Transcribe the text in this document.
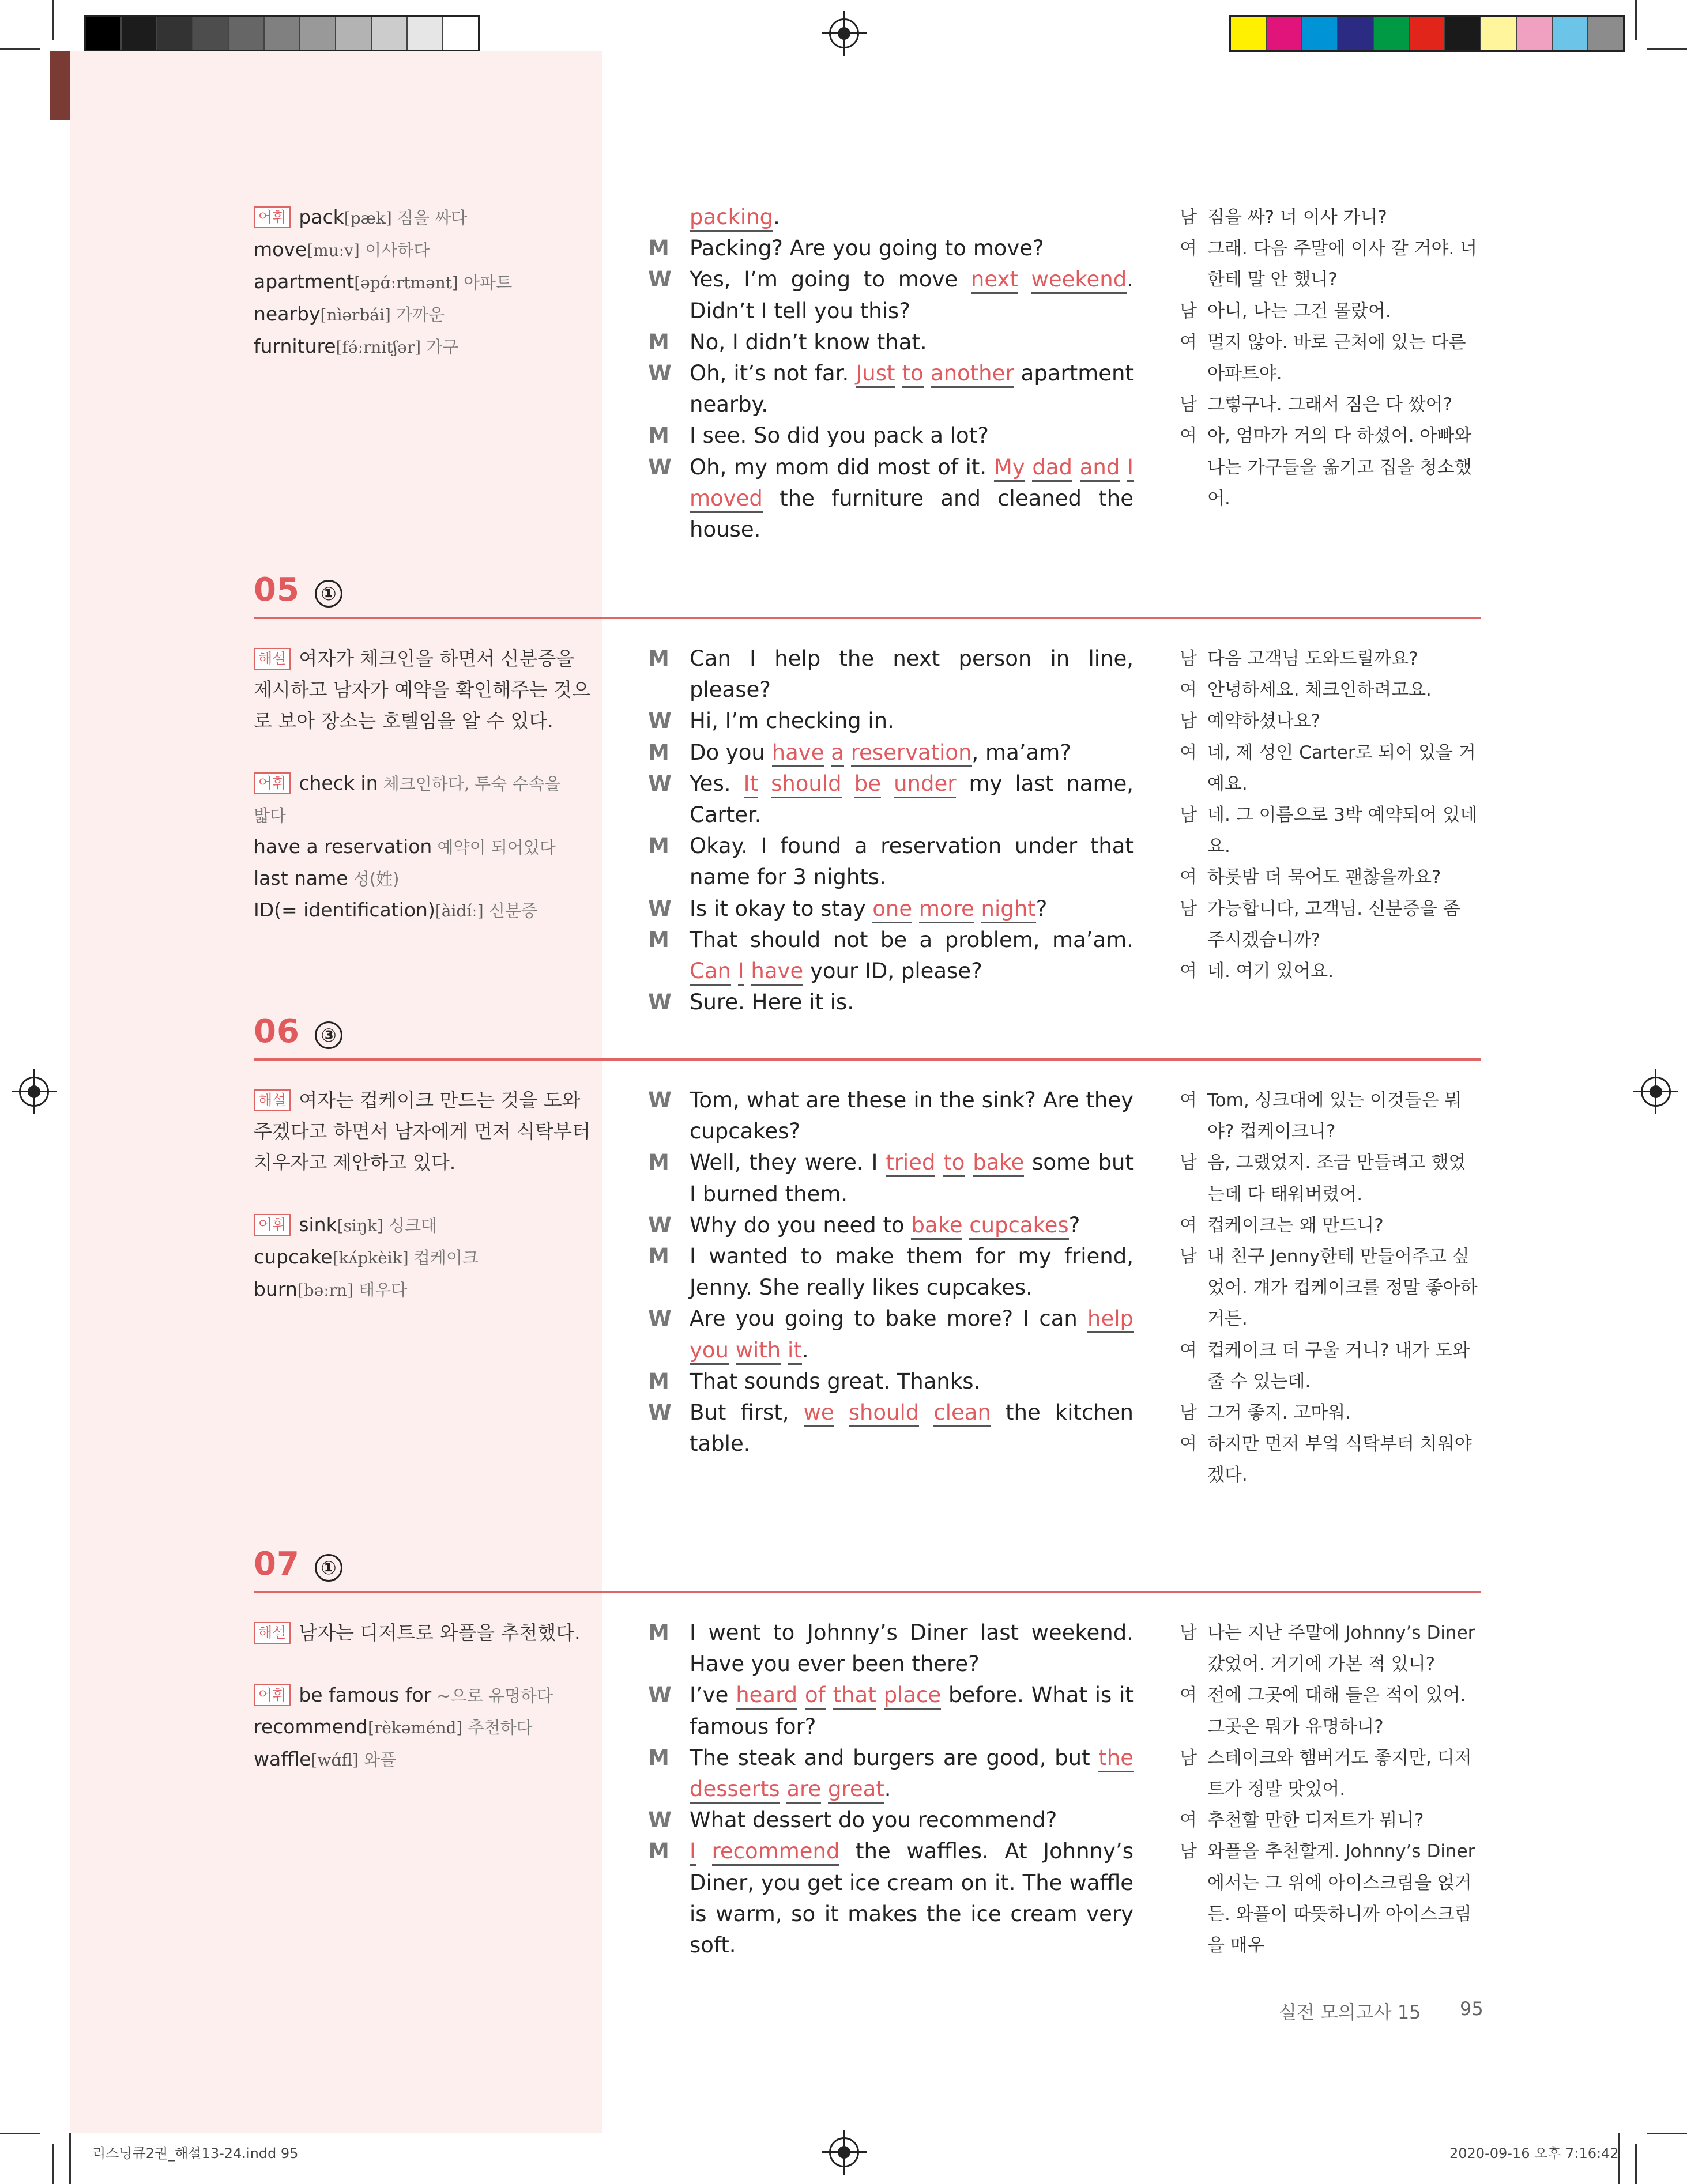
어휘 pack[pæk] 짐을 싸다
move[muːv] 이사하다
apartment[əpɑ́ːrtmənt] 아파트
nearby[nìərbái] 가까운
furniture[fə́ːrnitʃər] 가구
packing.
M Packing? Are you going to move?
W Yes, I’m going to move next weekend. Didn’t I tell you this?
M No, I didn’t know that.
W Oh, it’s not far. Just to another apartment nearby.
M I see. So did you pack a lot?
W Oh, my mom did most of it. My dad and I moved the furniture and cleaned the house.
남 짐을 싸? 너 이사 가니?
여 그래. 다음 주말에 이사 갈 거야. 너한테 말 안 했니?
남 아니, 나는 그건 몰랐어.
여 멀지 않아. 바로 근처에 있는 다른 아파트야.
남 그렇구나. 그래서 짐은 다 쌌어?
여 아, 엄마가 거의 다 하셨어. 아빠와 나는 가구들을 옮기고 집을 청소했어.
05	①
해설 여자가 체크인을 하면서 신분증을
제시하고 남자가 예약을 확인해주는 것으
로 보아 장소는 호텔임을 알 수 있다.
어휘 check in 체크인하다, 투숙 수속을
밟다
have a reservation 예약이 되어있다
last name 성(姓)
ID(= identification)[àidíː] 신분증
M Can I help the next person in line, please?
W Hi, I’m checking in.
M Do you have a reservation, ma’am?
W Yes. It should be under my last name, Carter.
M Okay. I found a reservation under that name for 3 nights.
W Is it okay to stay one more night?
M That should not be a problem, ma’am. Can I have your ID, please?
W Sure. Here it is.
남 다음 고객님 도와드릴까요?
여 안녕하세요. 체크인하려고요.
남 예약하셨나요?
여 네, 제 성인 Carter로 되어 있을 거예요.
남 네. 그 이름으로 3박 예약되어 있네요.
여 하룻밤 더 묵어도 괜찮을까요?
남 가능합니다, 고객님. 신분증을 좀 주시겠습니까?
여 네. 여기 있어요.
06	③
해설 여자는 컵케이크 만드는 것을 도와
주겠다고 하면서 남자에게 먼저 식탁부터
치우자고 제안하고 있다.
어휘 sink[siŋk] 싱크대
cupcake[kʌ́pkèik] 컵케이크
burn[bəːrn] 태우다
W Tom, what are these in the sink? Are they cupcakes?
M Well, they were. I tried to bake some but I burned them.
W Why do you need to bake cupcakes?
M I wanted to make them for my friend, Jenny. She really likes cupcakes.
W Are you going to bake more? I can help you with it.
M That sounds great. Thanks.
W But first, we should clean the kitchen table.
여 Tom, 싱크대에 있는 이것들은 뭐야? 컵케이크니?
남 음, 그랬었지. 조금 만들려고 했었는데 다 태워버렸어.
여 컵케이크는 왜 만드니?
남 내 친구 Jenny한테 만들어주고 싶었어. 걔가 컵케이크를 정말 좋아하거든.
여 컵케이크 더 구울 거니? 내가 도와줄 수 있는데.
남 그거 좋지. 고마워.
여 하지만 먼저 부엌 식탁부터 치워야겠다.
07	①
해설 남자는 디저트로 와플을 추천했다.
어휘 be famous for ~으로 유명하다
recommend[rèkəménd] 추천하다
waffle[wɑ́fl] 와플
M I went to Johnny’s Diner last weekend. Have you ever been there?
W I’ve heard of that place before. What is it famous for?
M The steak and burgers are good, but the desserts are great.
W What dessert do you recommend?
M I recommend the waffles. At Johnny’s Diner, you get ice cream on it. The waffle is warm, so it makes the ice cream very soft.
남 나는 지난 주말에 Johnny’s Diner 갔었어. 거기에 가본 적 있니?
여 전에 그곳에 대해 들은 적이 있어. 그곳은 뭐가 유명하니?
남 스테이크와 햄버거도 좋지만, 디저트가 정말 맛있어.
여 추천할 만한 디저트가 뭐니?
남 와플을 추천할게. Johnny’s Diner에서는 그 위에 아이스크림을 얹거든. 와플이 따뜻하니까 아이스크림을 매우
실전 모의고사 15 95
리스닝큐2권_해설13-24.indd 95	2020-09-16 오후 7:16:42
